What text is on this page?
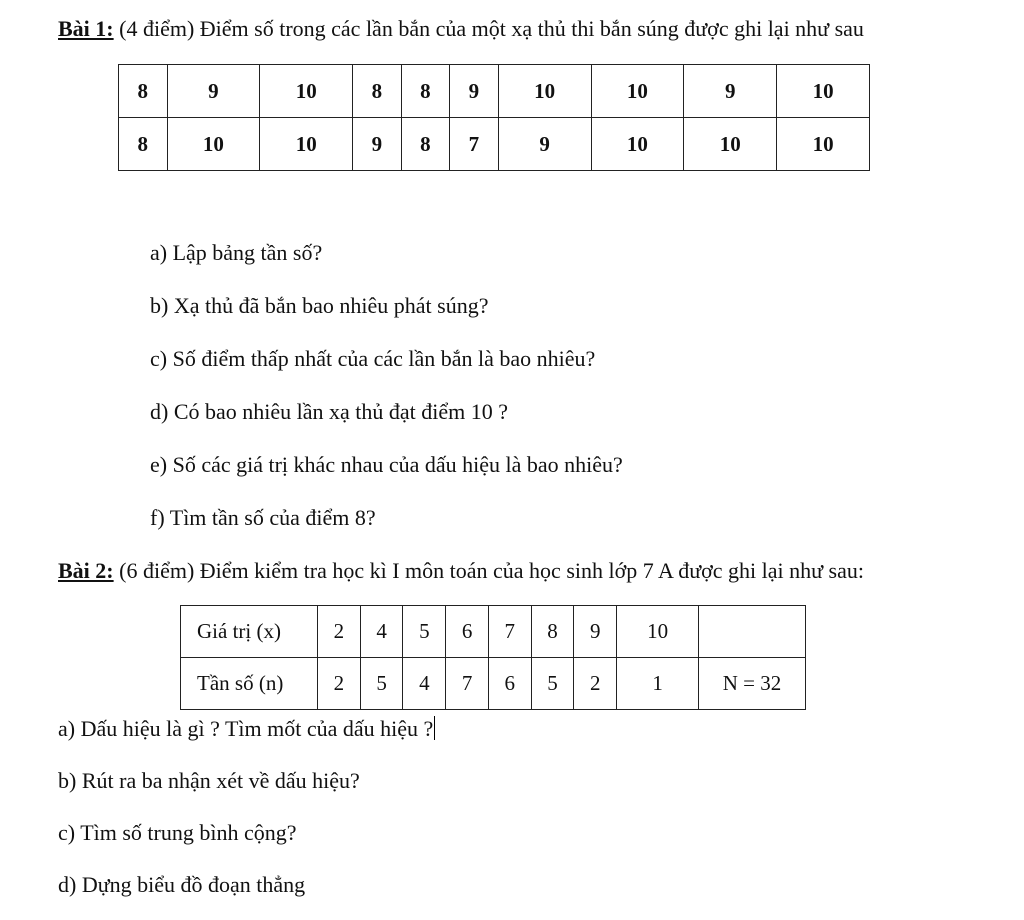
Bài 1: (4 điểm) Điểm số trong các lần bắn của một xạ thủ thi bắn súng được ghi lại như sau
8	9	10	8	8	9	10	10	9	10
8	10	10	9	8	7	9	10	10	10
a) Lập bảng tần số?
b) Xạ thủ đã bắn bao nhiêu phát súng?
c) Số điểm thấp nhất của các lần bắn là bao nhiêu?
d) Có bao nhiêu lần xạ thủ đạt điểm 10 ?
e) Số các giá trị khác nhau của dấu hiệu là bao nhiêu?
f) Tìm tần số của điểm 8?
Bài 2: (6 điểm) Điểm kiểm tra học kì I môn toán của học sinh lớp 7 A được ghi lại như sau:
Giá trị (x)	2	4	5	6	7	8	9	10	
Tần số (n)	2	5	4	7	6	5	2	1	N = 32
a) Dấu hiệu là gì ? Tìm mốt của dấu hiệu ?
b) Rút ra ba nhận xét về dấu hiệu?
c) Tìm số trung bình cộng?
d) Dựng biểu đồ đoạn thẳng
